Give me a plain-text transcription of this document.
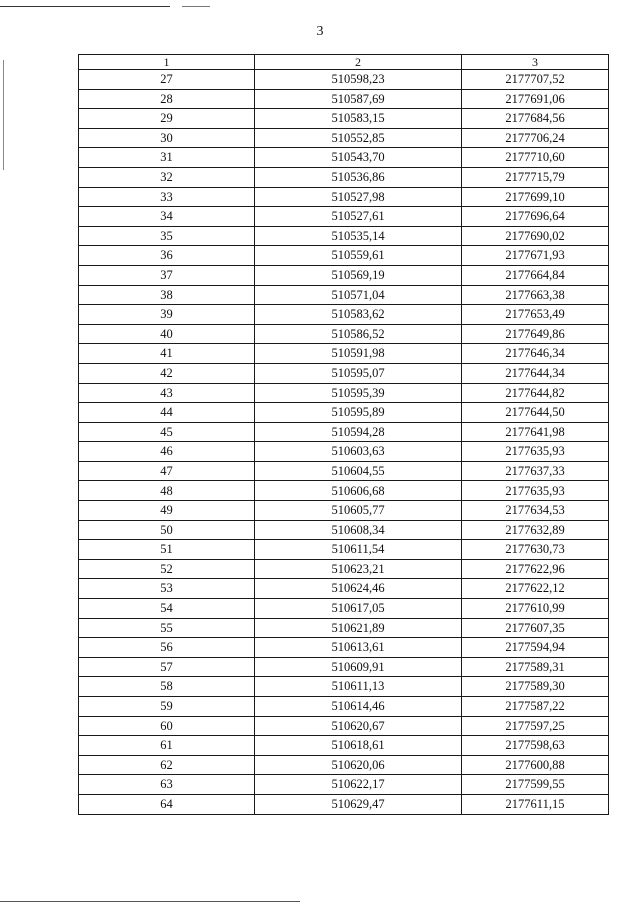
3
1	2	3
27	510598,23	2177707,52
28	510587,69	2177691,06
29	510583,15	2177684,56
30	510552,85	2177706,24
31	510543,70	2177710,60
32	510536,86	2177715,79
33	510527,98	2177699,10
34	510527,61	2177696,64
35	510535,14	2177690,02
36	510559,61	2177671,93
37	510569,19	2177664,84
38	510571,04	2177663,38
39	510583,62	2177653,49
40	510586,52	2177649,86
41	510591,98	2177646,34
42	510595,07	2177644,34
43	510595,39	2177644,82
44	510595,89	2177644,50
45	510594,28	2177641,98
46	510603,63	2177635,93
47	510604,55	2177637,33
48	510606,68	2177635,93
49	510605,77	2177634,53
50	510608,34	2177632,89
51	510611,54	2177630,73
52	510623,21	2177622,96
53	510624,46	2177622,12
54	510617,05	2177610,99
55	510621,89	2177607,35
56	510613,61	2177594,94
57	510609,91	2177589,31
58	510611,13	2177589,30
59	510614,46	2177587,22
60	510620,67	2177597,25
61	510618,61	2177598,63
62	510620,06	2177600,88
63	510622,17	2177599,55
64	510629,47	2177611,15
